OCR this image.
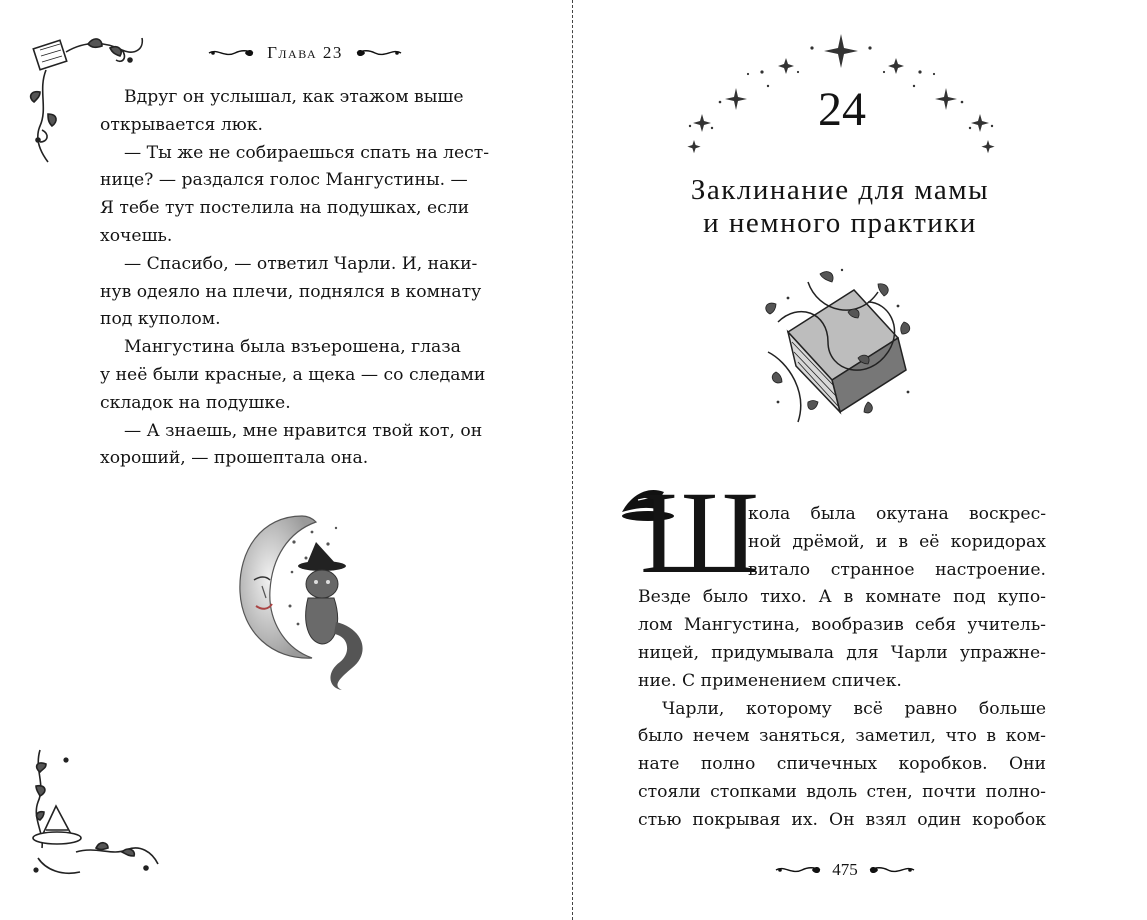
Глава 23

Вдруг он услышал, как этажом выше
открывается люк.

— Ты же не собираешься спать на лест-
нице? — раздался голос Мангустины. —
Я тебе тут постелила на подушках, если
хочешь.

— Спасибо, — ответил Чарли. И, наки-
нув одеяло на плечи, поднялся в комнату
под куполом.

Мангустина была взъерошена, глаза
у неё были красные, а щека — со следами
складок на подушке.

— А знаешь, мне нравится твой кот, он
хороший, — прошептала она.

24
Заклинание для мамы
и немного практики
Ш
кола была окутана воскрес-
ной дрёмой, и в её коридорах
витало странное настроение.
Везде было тихо. А в комнате под купо-
лом Мангустина, вообразив себя учитель-
ницей, придумывала для Чарли упражне-
ние. С применением спичек.
Чарли, которому всё равно больше
было нечем заняться, заметил, что в ком-
нате полно спичечных коробков. Они
стояли стопками вдоль стен, почти полно-
стью покрывая их. Он взял один коробок
475
